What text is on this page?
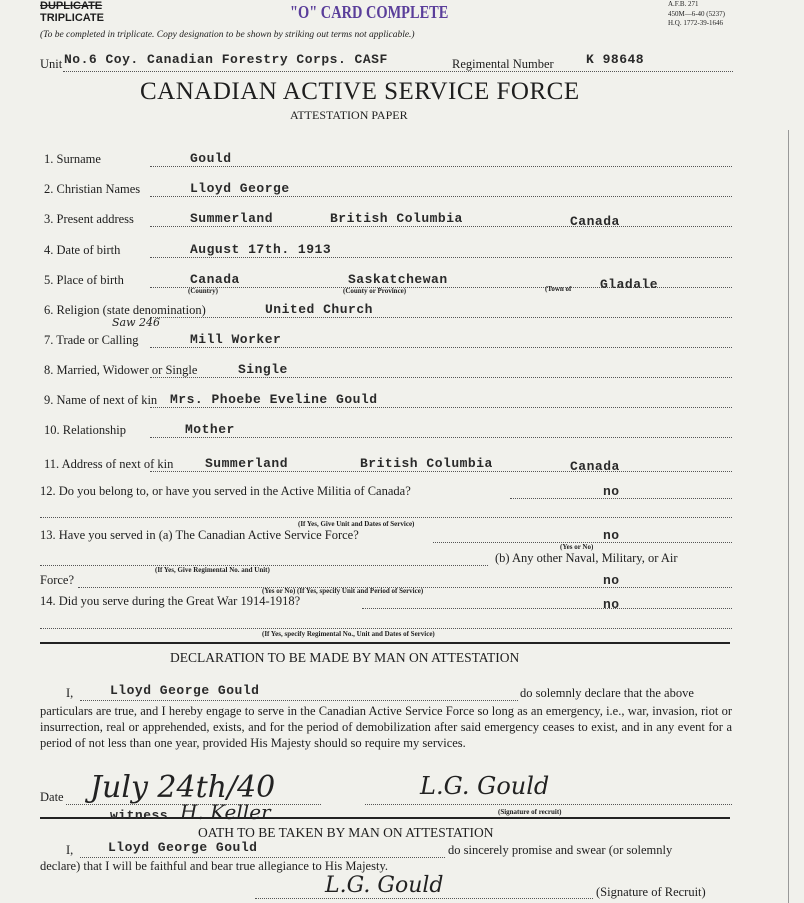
DUPLICATE
TRIPLICATE	"O" CARD COMPLETE	A.F.B. 271
450M—6-40 (5237)
H.Q. 1772-39-1646
(To be completed in triplicate. Copy designation to be shown by striking out terms not applicable.)
Unit No.6 Coy. Canadian Forestry Corps. CASF	Regimental Number K 98648
CANADIAN ACTIVE SERVICE FORCE
ATTESTATION PAPER
1. Surname	Gould
2. Christian Names	Lloyd George
3. Present address	Summerland	British Columbia	Canada
4. Date of birth	August 17th. 1913
5. Place of birth	Canada	Saskatchewan	Gladale
(Country)	(County or Province)	(Town of
6. Religion (state denomination)	United Church
7. Trade or Calling	Mill Worker
Saw 246
8. Married, Widower or Single	Single
9. Name of next of kin Mrs. Phoebe Eveline Gould
10. Relationship	Mother
11. Address of next of kin Summerland	British Columbia	Canada
12. Do you belong to, or have you served in the Active Militia of Canada?	no
(If Yes, Give Unit and Dates of Service)
13. Have you served in (a) The Canadian Active Service Force?	no
(Yes or No)
(b) Any other Naval, Military, or Air
(If Yes, Give Regimental No. and Unit)
Force?	no
(Yes or No) (If Yes, specify Unit and Period of Service)
14. Did you serve during the Great War 1914-1918?	no
(If Yes, specify Regimental No., Unit and Dates of Service)
DECLARATION TO BE MADE BY MAN ON ATTESTATION
I,	Lloyd George Gould	do solemnly declare that the above

particulars are true, and I hereby engage to serve in the Canadian Active Service Force so long as an emergency, i.e., war, invasion, riot or insurrection, real or apprehended, exists, and for the period of demobilization after said emergency ceases to exist, and in any event for a period of not less than one year, provided His Majesty should so require my services.

Date July 24th/40	L.G. Gould
(Signature of recruit)
witness H. Keller
OATH TO BE TAKEN BY MAN ON ATTESTATION
I,	Lloyd George Gould	do sincerely promise and swear (or solemnly
declare) that I will be faithful and bear true allegiance to His Majesty.
L.G. Gould	(Signature of Recruit)
